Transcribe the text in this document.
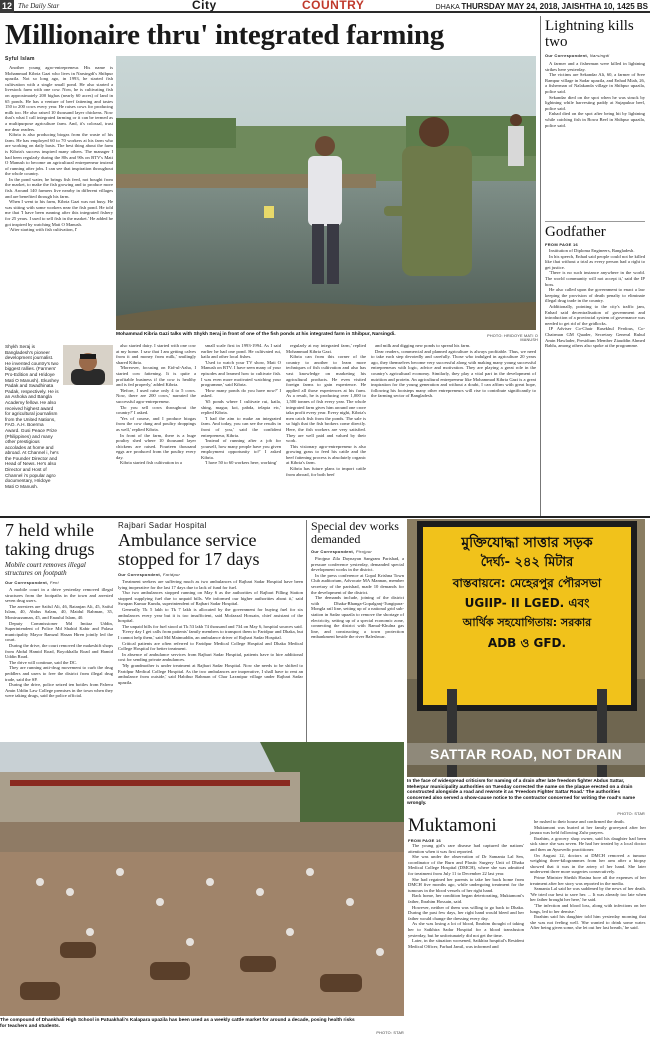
12 The Daily Star	City	COUNTRY	DHAKA THURSDAY MAY 24, 2018, JAISHTHA 10, 1425 BS
Millionaire thru' integrated farming
Syful Islam

Another young agro-entrepreneur. His name is Mohammad Kibria Gazi who lives in Narsingdi's Shibpur upazila. Not so long ago, in 1993, he started fish cultivation with a single small pond. He also started a livestock farm with one cow. Now, he is cultivating fish on approximately 200 bighas (nearly 60 acres) of land in 65 ponds. He has a venture of beef fattening and tastes 150 to 200 cows every year. He raises cows for producing milk too. He also raised 10 thousand layer chickens. Now that's what I call integrated farming or it can be termed as a multipurpose agriculture farm. And, it's colossal, trust me dear readers.

Kibria is also producing biogas from the waste of his farm. He has employed 60 to 70 workers at his farm who are working on daily basis. The best thing about the farm is Kibria's success inspired many others. The manager I had been regularly during the 80s and 90s on BTV's Mati O Manush to become an agricultural entrepreneur instead of running after jobs. I can see that inspiration throughout the whole country.

In the pond water, he brings fish feed, not bought from the market, to make the fish growing and to produce more fish. Around 140 farmers live nearby in different villages and are benefited through his farm.

When I went to his farm, Kibria Gazi was not busy. He was sitting with some workers near the fish pond. He told me that 'I have been running after this integrated fishery for 25 years. I used to sell fish in the market.' He added he got inspired by watching Mati O Manush.

'After starting with fish cultivation, I'

Mohammad Kibria Gazi talks with Shykh Seraj in front of one of the fish ponds at his integrated farm in Shibpur, Narsingdi.	PHOTO: HRIDOYE MATI O MANUSH
Shykh Seraj is Bangladesh's pioneer development journalist. He invented country's two biggest rallies. (Farmers' Pro-Edition and Hridoye Mati O Manush). Ekushey Padak and Swadhinata Padak, respectively. He is an Ashoka and Bangla Academy fellow. He also received highest award for agricultural journalism from the United Nations, FAO. A.H. Boerma Award. Gusi Peace Prize (Philippines) and many other prestigious accolades at home and abroad. At Channel i, he's the Founder Director and Head of News. He's also Director and Host of Channel i's popular agro documentary, Hridoye Mati O Manush.

also started dairy. I started with one cow at my home. I saw that I am getting calves from it and money from milk,' smilingly shared Kibria.

'Moreover, focusing on Eid-ul-Azha, I started cow fattening. It is quite a profitable business if the cow is healthy and is fed properly,' added Kibria.

'Before, I used raise only 4 to 5 cows. Now, there are 200 cows,' narrated the successful agro-entrepreneur.

'Do you sell cows throughout the country?' I asked.

'Yes of course, and I produce biogas from the cow dung and poultry droppings as well,' replied Kibria.

In front of the farm, there is a huge poultry shed where 10 thousand layer chickens are raised. Fourteen thousand eggs are produced from the poultry every day.

Kibria started fish cultivation in a

small scale first in 1993-1994. As I said earlier he had one pond. He cultivated rui, katla and other local fishes.

'Used to watch your TV show, Mati O Manush on BTV. I have seen many of your episodes and learned how to cultivate fish. I was even more motivated watching your programme,' said Kibria.

'How many ponds do you have now?' I asked.

'65 ponds where I cultivate rui, katla, shing, magur, koi, pabda, telapia etc,' replied Kibria.

'I had the aim to make an integrated farm. And today, you can see the results in front of you,' said the confident entrepreneur, Kibria.

'Instead of running after a job for yourself, how many people have you given employment opportunity to?' I asked Kibria.

'I have 50 to 60 workers here, working'

regularly at my integrated farm,' replied Mohammad Kibria Gazi.

Kibria can from this corner of the country to another to learn more techniques of fish cultivation and also has vast knowledge on marketing his agricultural products. He even visited foreign farms to gain experience. He applied all those experiences at his farm. As a result, he is producing over 1,000 to 1,500 tonnes of fish every year. The whole integrated farm gives him around one crore taka profit every year. Every night, Kibria's men catch fish from the ponds. The sale is so high that the fish brokers come directly. Here, the fish workers are very satisfied. They are well paid and valued by their work.

This visionary agro-entrepreneur is also growing grass to feed his cattle and the beef fattening process is absolutely organic at Kibria's farm.

Kibria has future plans to import cattle from abroad, for both beef

and milk and digging new ponds to spread his farm.

Dear readers, commercial and planned agriculture is always profitable. Thus, we need to take each step devotedly and carefully. Those who indulged in agriculture 20 years ago, they themselves become very successful along with making many young successful entrepreneurs with logic, advice and motivation. They are playing a great role in the country's agricultural economy. Similarly, they play a vital part in the development of nutrition and protein. An agricultural entrepreneur like Mohammad Kibria Gazi is a great inspiration for the young generation and without a doubt, I can affirm with great hope, following his footsteps many other entrepreneurs will rise to contribute significantly to the farming sector of Bangladesh.

Lightning kills two
Our Correspondent, Narsingdi

A farmer and a fisherman were killed in lightning strikes here yesterday.

The victims are Sekandar Ali, 60, a farmer of Sree Rampur village in Sadar upazila, and Enhad Miah, 26, a fisherman of Nalakanda village in Shibpur upazila, police said.

Sekandar died on the spot when he was struck by lightning while harvesting paddy at Sujapukur beel, police said.

Enhad died on the spot after being hit by lightning while catching fish in Bowa Beel in Shibpur upazila, police said.

Godfather
FROM PAGE 16

Institution of Diploma Engineers, Bangladesh.

In his speech, Enhad said people could not be killed like that without a trial as every person had a right to get justice.

'There is no such instance anywhere in the world. The world community will not accept it,' said the IP boss.

He also called upon the government to enact a law keeping the provision of death penalty to eliminate illegal drug trade in the country.

Additionally, pointing to the city's traffic jam, Enhad said decentralisation of government and introduction of a provincial system of governance was needed to get rid of the gridlocks.

IP Adviser Co-Chair Rasekhul Ferdous, Co-Chairman GM Quader, Secretary General Ruhul Amin Hawlader, Presidium Member Ziauddin Ahmed Bablu, among others also spoke at the programme.

7 held while taking drugs
Mobile court removes illegal structures on footpath
Our Correspondent, Feni

A mobile court in a drive yesterday removed illegal structures from the footpaths in the town and arrested seven drug users.

The arrestees are Saiful Ali, 46, Ratanjan Ali, 45, Saiful Islam, 40, Abdus Salam, 40, Maidul Rahman, 35, Moniruzzaman, 45, and Enaulul Islam, 40.

Deputy Commissioner Md Imtiaz Uddin, Superintendent of Police Md Shahid Kabir and Palasa municipality Mayor Ramzul Hasan Hiren jointly led the court.

During the drive, the court removed the makeshift shops from Abdul Hamid Road, Boyokhalla Road and Hamid Uddin Road.

The drive will continue, said the DC.

They are running anti-drug movement to curb the drug peddlers and users to free the district from illegal drug trade, said the SP.

During the drive, police seized ten bottles from Palrera Amin Uddin Law College premises in the town when they were taking drugs, said the police official.

Rajbari Sadar Hospital
Ambulance service stopped for 17 days
Our Correspondent, Faridpur

Treatment seekers are suffering much as two ambulances of Rajbari Sadar Hospital have been lying inoperative for the last 17 days due to lack of fund for fuel.

'Our two ambulances stopped running on May 6 as the authorities of Rajbari Filling Station stopped supplying fuel due to unpaid bills. We informed our higher authorities about it,' said Swapan Kumar Kundu, superintendent of Rajbari Sadar Hospital.

Generally Tk 5 lakh to Tk 7 lakh is allocated by the government for buying fuel for six ambulances every year but it is too insufficient, said Mofazzal Hossain, chief assistant of the hospital.

The unpaid bills for fuel stood at Tk 53 lakh 74 thousand and 734 on May 6, hospital sources said.

'Every day I get calls from patients' family members to transport them to Faridpur and Dhaka, but I cannot help them,' said Md Maimuddin, an ambulance driver of Rajbari Sadar Hospital.

Critical patients are often referred to Faridpur Medical College Hospital and Dhaka Medical College Hospital for better treatment.

In absence of ambulance services from Rajbari Sadar Hospital, patients have to hire additional cost for sending private ambulances.

'My grandmother is under treatment at Rajbari Sadar Hospital. Now she needs to be shifted to Faridpur Medical College Hospital. As the two ambulances are inoperative, I shall have to rent an ambulance from outside,' said Habibur Rahman of Char Laxmipur village under Rajbari Sadar upazila.

Special dev works demanded
Our Correspondent, Pirojpur

Pirojpur Zila Daynayan Sangram Parishad, a pressure conference yesterday, demanded special development works in the district.

In the press conference at Gopal Krishna Town Club auditorium, Advocate MA Mannan, member secretary of the parishad, made 10 demands for the development of the district.

The demands include, joining of the district with Dhaka-Bhanga-Gopalganj-Tungipara-Mongla rail line, setting up of a national grid sub-station in Sadar upazila to remove the shortage of electricity, setting up of a special economic zone, connecting the district with Ramal-Khulna gas line, and constructing a town protection embankment beside the river Baleshwar.

মুক্তিযোদ্ধা সাত্তার সড়ক
দৈর্ঘ্য- ২৪২ মিটার
বাস্তবায়নে: মেহেরপুর পৌরসভা
UGIIP- II LGED. এবং
আর্থিক সহযোগিতায়: সরকার
ADB ও GFD.
SATTAR ROAD, NOT DRAIN
In the face of widespread criticism for naming of a drain after late freedom fighter Abdus Sattar, Meherpur municipality authorities on Tuesday corrected the name on the plaque erected on a drain constructed alongside a road and rewrote it as 'Freedom Fighter Sattar Road.' The authorities concerned also served a show-cause notice to the contractor concerned for writing the road's name wrongly.
PHOTO: STAR
The compound of Dhankhali High School in Patuakhali's Kalapara upazila has been used as a weekly cattle market for around a decade, posing health risks for teachers and students.
PHOTO: STAR
Muktamoni
FROM PAGE 16

The young girl's rare disease had captured the nations' attention when it was first reported.

She was under the observation of Dr Samanta Lal Sen, coordinator of the Burn and Plastic Surgery Unit of Dhaka Medical College Hospital (DMCH), where she was admitted for treatment from July 11 to December 22 last year.

She had regained her parents to take her back home from DMCH five months ago, while undergoing treatment for the tumours in the blood vessels of her right hand.

Back home, her condition began deteriorating, Muktamoni's father, Ibrahim Hossain, said.

However, neither of them was willing to go back to Dhaka. During the past few days, her right hand would bleed and her father would change the dressing every day.

As she was losing a lot of blood, Ibrahim thought of taking her to Satkhira Sadar Hospital for a blood transfusion yesterday, but he unfortunately did not get the time.

Later, in the situation worsened, Satkhira hospital's Resident Medical Officer, Farhad Jamil, was informed and

he rushed to their house and confirmed the death.

Muktamoni was buried at her family graveyard after her janaza was held following Zuhr prayers.

Ibrahim, a grocery shop owner, said his daughter had been sick since she was seven. He had her treated by a local doctor and then an Ayurvedic practitioner.

On August 12, doctors at DMCH removed a tumour weighing three-kilogrammes from her arm after a biopsy showed that it was in the artery of her hand. She later underwent three more surgeries consecutively.

Prime Minister Sheikh Hasina bore all the expenses of her treatment after her story was reported in the media.

Samanta Lal said he was saddened by the news of her death. 'We tried our best to save her. ... It was already too late when her father brought her here,' he said.

'The infection and blood loss, along with infections on her lungs, led to her demise.'

Ibrahim said his daughter told him yesterday morning that she was not feeling well. 'She wanted to drink some water. After being given some, she let out her last breath,' he said.
